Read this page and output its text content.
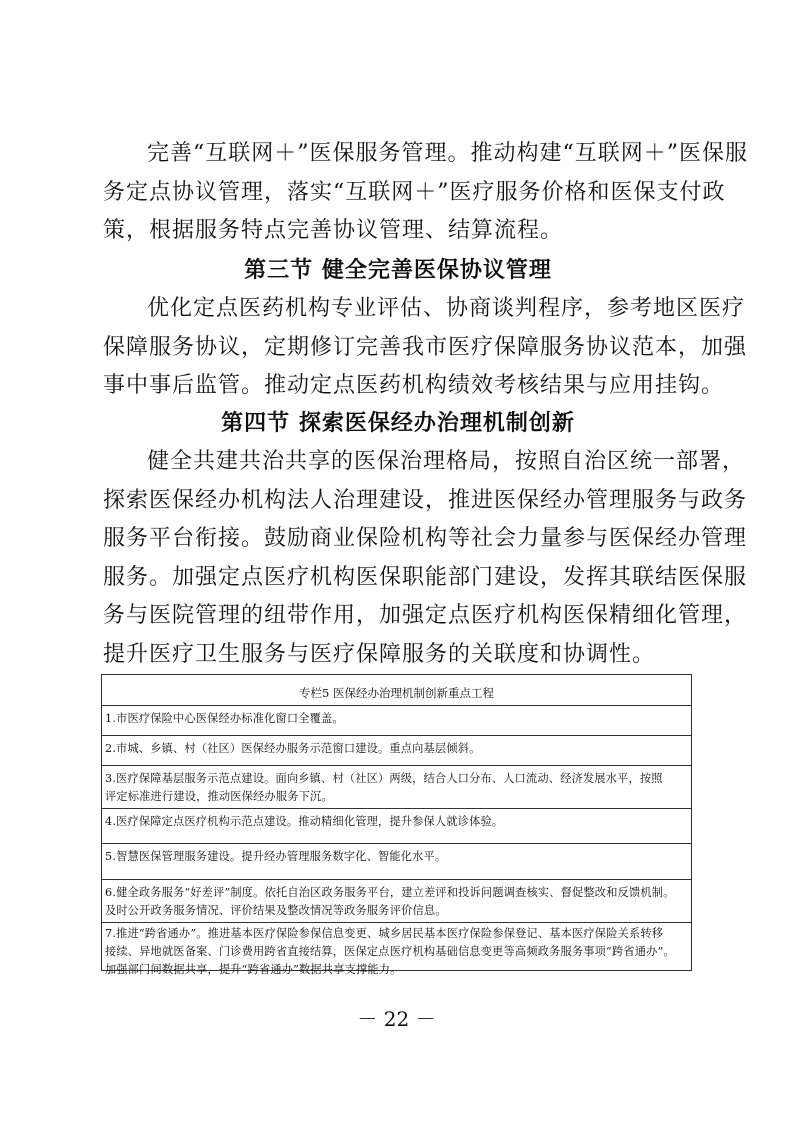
完善“互联网＋”医保服务管理。推动构建“互联网＋”医保服
务定点协议管理，落实“互联网＋”医疗服务价格和医保支付政
策，根据服务特点完善协议管理、结算流程。
第三节 健全完善医保协议管理
优化定点医药机构专业评估、协商谈判程序，参考地区医疗
保障服务协议，定期修订完善我市医疗保障服务协议范本，加强
事中事后监管。推动定点医药机构绩效考核结果与应用挂钩。
第四节 探索医保经办治理机制创新
健全共建共治共享的医保治理格局，按照自治区统一部署，
探索医保经办机构法人治理建设，推进医保经办管理服务与政务
服务平台衔接。鼓励商业保险机构等社会力量参与医保经办管理
服务。加强定点医疗机构医保职能部门建设，发挥其联结医保服
务与医院管理的纽带作用，加强定点医疗机构医保精细化管理，
提升医疗卫生服务与医疗保障服务的关联度和协调性。
专栏5 医保经办治理机制创新重点工程
1.市医疗保险中心医保经办标准化窗口全覆盖。
2.市城、乡镇、村（社区）医保经办服务示范窗口建设。重点向基层倾斜。
3.医疗保障基层服务示范点建设。面向乡镇、村（社区）两级，结合人口分布、人口流动、经济发展水平，按照
评定标准进行建设，推动医保经办服务下沉。
4.医疗保障定点医疗机构示范点建设。推动精细化管理，提升参保人就诊体验。
5.智慧医保管理服务建设。提升经办管理服务数字化、智能化水平。
6.健全政务服务“好差评”制度。依托自治区政务服务平台，建立差评和投诉问题调查核实、督促整改和反馈机制。
及时公开政务服务情况、评价结果及整改情况等政务服务评价信息。
7.推进“跨省通办”。推进基本医疗保险参保信息变更、城乡居民基本医疗保险参保登记、基本医疗保险关系转移
接续、异地就医备案、门诊费用跨省直接结算，医保定点医疗机构基础信息变更等高频政务服务事项“跨省通办”。
加强部门间数据共享，提升“跨省通办”数据共享支撑能力。
－ 22 －
